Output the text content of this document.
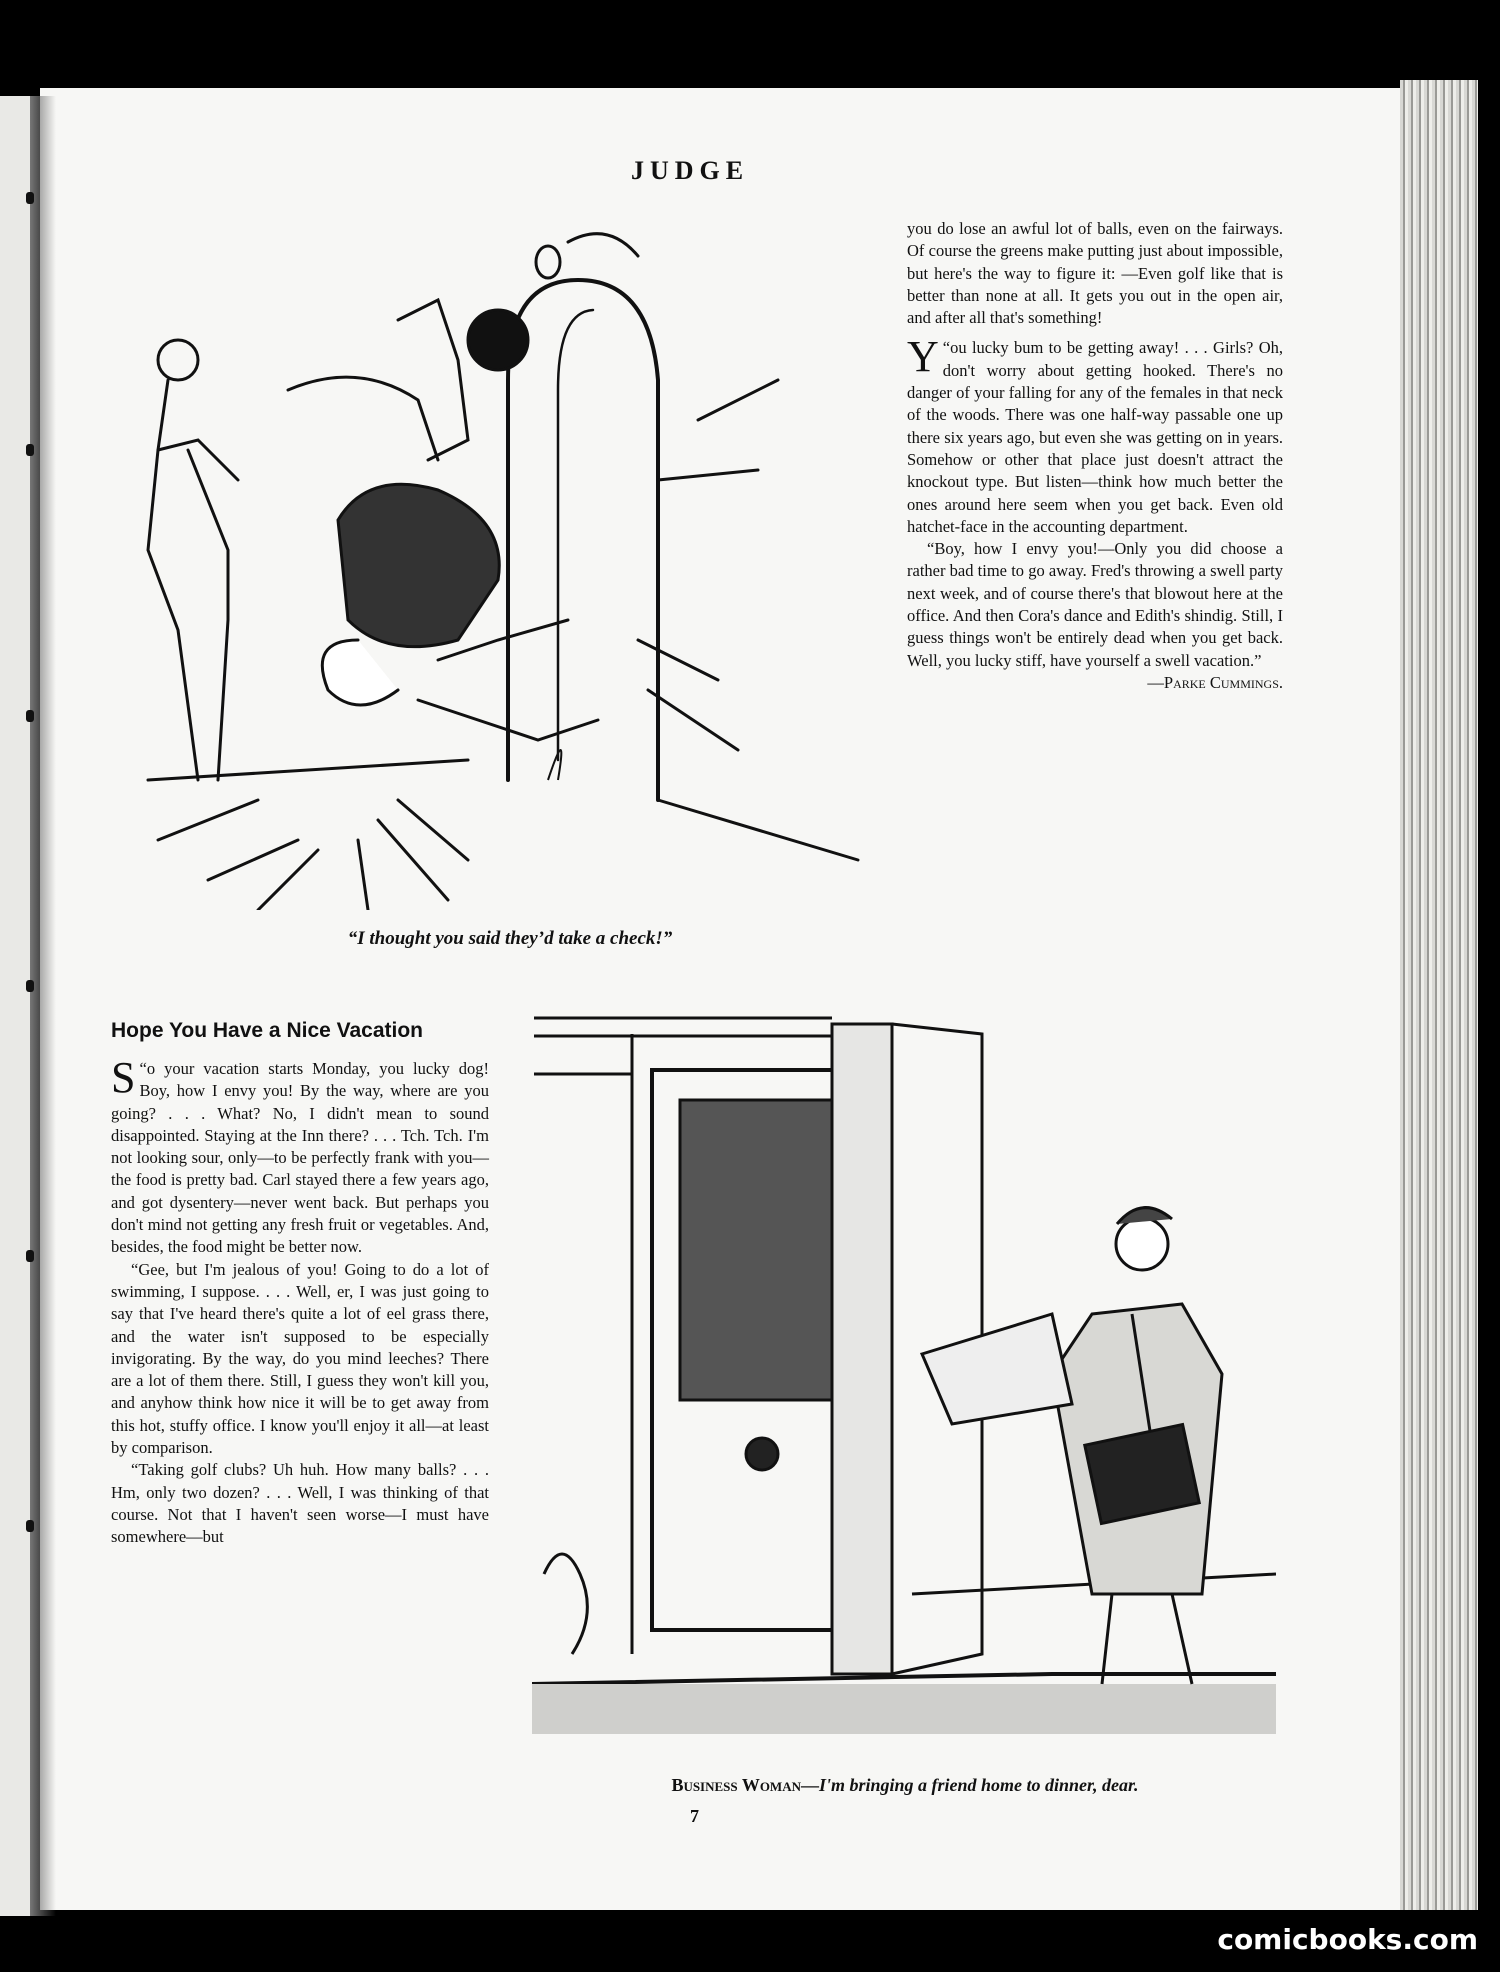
JUDGE
“I thought you said they’d take a check!”

you do lose an awful lot of balls, even on the fairways. Of course the greens make putting just about impossible, but here's the way to figure it: —Even golf like that is better than none at all. It gets you out in the open air, and after all that's something!

“
Y ou lucky bum to be getting away! . . . Girls? Oh, don't worry about getting hooked. There's no danger of your falling for any of the females in that neck of the woods. There was one half-way passable one up there six years ago, but even she was getting on in years. Somehow or other that place just doesn't attract the knockout type. But listen—think how much better the ones around here seem when you get back. Even old hatchet-face in the accounting department.

“Boy, how I envy you!—Only you did choose a rather bad time to go away. Fred's throwing a swell party next week, and of course there's that blowout here at the office. And then Cora's dance and Edith's shindig. Still, I guess things won't be entirely dead when you get back. Well, you lucky stiff, have yourself a swell vacation.”

—Parke Cummings.
Hope You Have a Nice Vacation

“
S o your vacation starts Monday, you lucky dog! Boy, how I envy you! By the way, where are you going? . . . What? No, I didn't mean to sound disappointed. Staying at the Inn there? . . . Tch. Tch. I'm not looking sour, only—to be perfectly frank with you—the food is pretty bad. Carl stayed there a few years ago, and got dysentery—never went back. But perhaps you don't mind not getting any fresh fruit or vegetables. And, besides, the food might be better now.

“Gee, but I'm jealous of you! Going to do a lot of swimming, I suppose. . . . Well, er, I was just going to say that I've heard there's quite a lot of eel grass there, and the water isn't supposed to be especially invigorating. By the way, do you mind leeches? There are a lot of them there. Still, I guess they won't kill you, and anyhow think how nice it will be to get away from this hot, stuffy office. I know you'll enjoy it all—at least by comparison.

“Taking golf clubs? Uh huh. How many balls? . . . Hm, only two dozen? . . . Well, I was thinking of that course. Not that I haven't seen worse—I must have somewhere—but

Business Woman—I'm bringing a friend home to dinner, dear.
7
comicbooks.com
